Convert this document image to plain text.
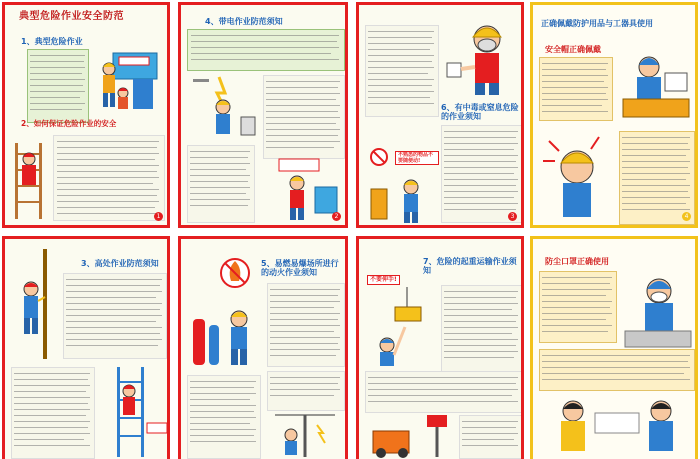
典型危险作业安全防范
1、典型危险作业
2、如何保证危险作业的安全
1
4、带电作业防范须知
2
6、有中毒或窒息危险的作业须知
不熟悉的物品不要随便动!
3
正确佩戴防护用品与工器具使用
安全帽正确佩戴
4
3、高处作业防范须知	5、易燃易爆场所进行的动火作业须知
不要伸手!
7、危险的起重运输作业须知
防尘口罩正确使用
